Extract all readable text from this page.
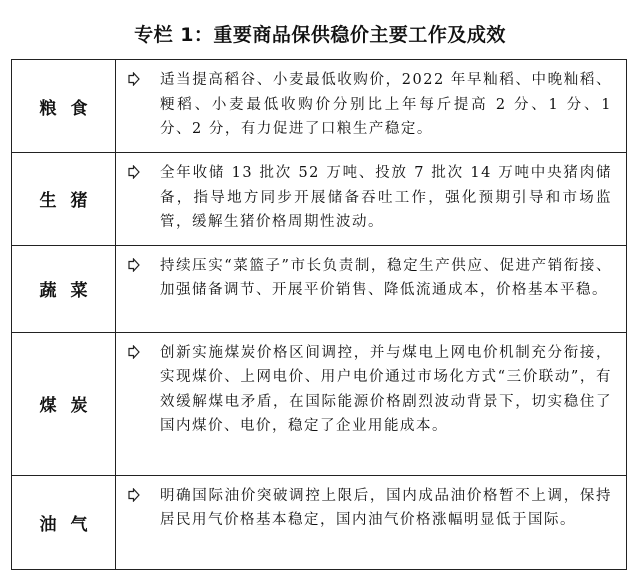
专栏 1：重要商品保供稳价主要工作及成效
粮食	适当提高稻谷、小麦最低收购价，2022 年早籼稻、中晚籼稻、粳稻、小麦最低收购价分别比上年每斤提高 2 分、1 分、1 分、2 分，有力促进了口粮生产稳定。

生猪	全年收储 13 批次 52 万吨、投放 7 批次 14 万吨中央猪肉储备，指导地方同步开展储备吞吐工作，强化预期引导和市场监管，缓解生猪价格周期性波动。

蔬菜	持续压实“菜篮子”市长负责制，稳定生产供应、促进产销衔接、加强储备调节、开展平价销售、降低流通成本，价格基本平稳。

煤炭	创新实施煤炭价格区间调控，并与煤电上网电价机制充分衔接，实现煤价、上网电价、用户电价通过市场化方式“三价联动”，有效缓解煤电矛盾，在国际能源价格剧烈波动背景下，切实稳住了国内煤价、电价，稳定了企业用能成本。

油气	明确国际油价突破调控上限后，国内成品油价格暂不上调，保持居民用气价格基本稳定，国内油气价格涨幅明显低于国际。
